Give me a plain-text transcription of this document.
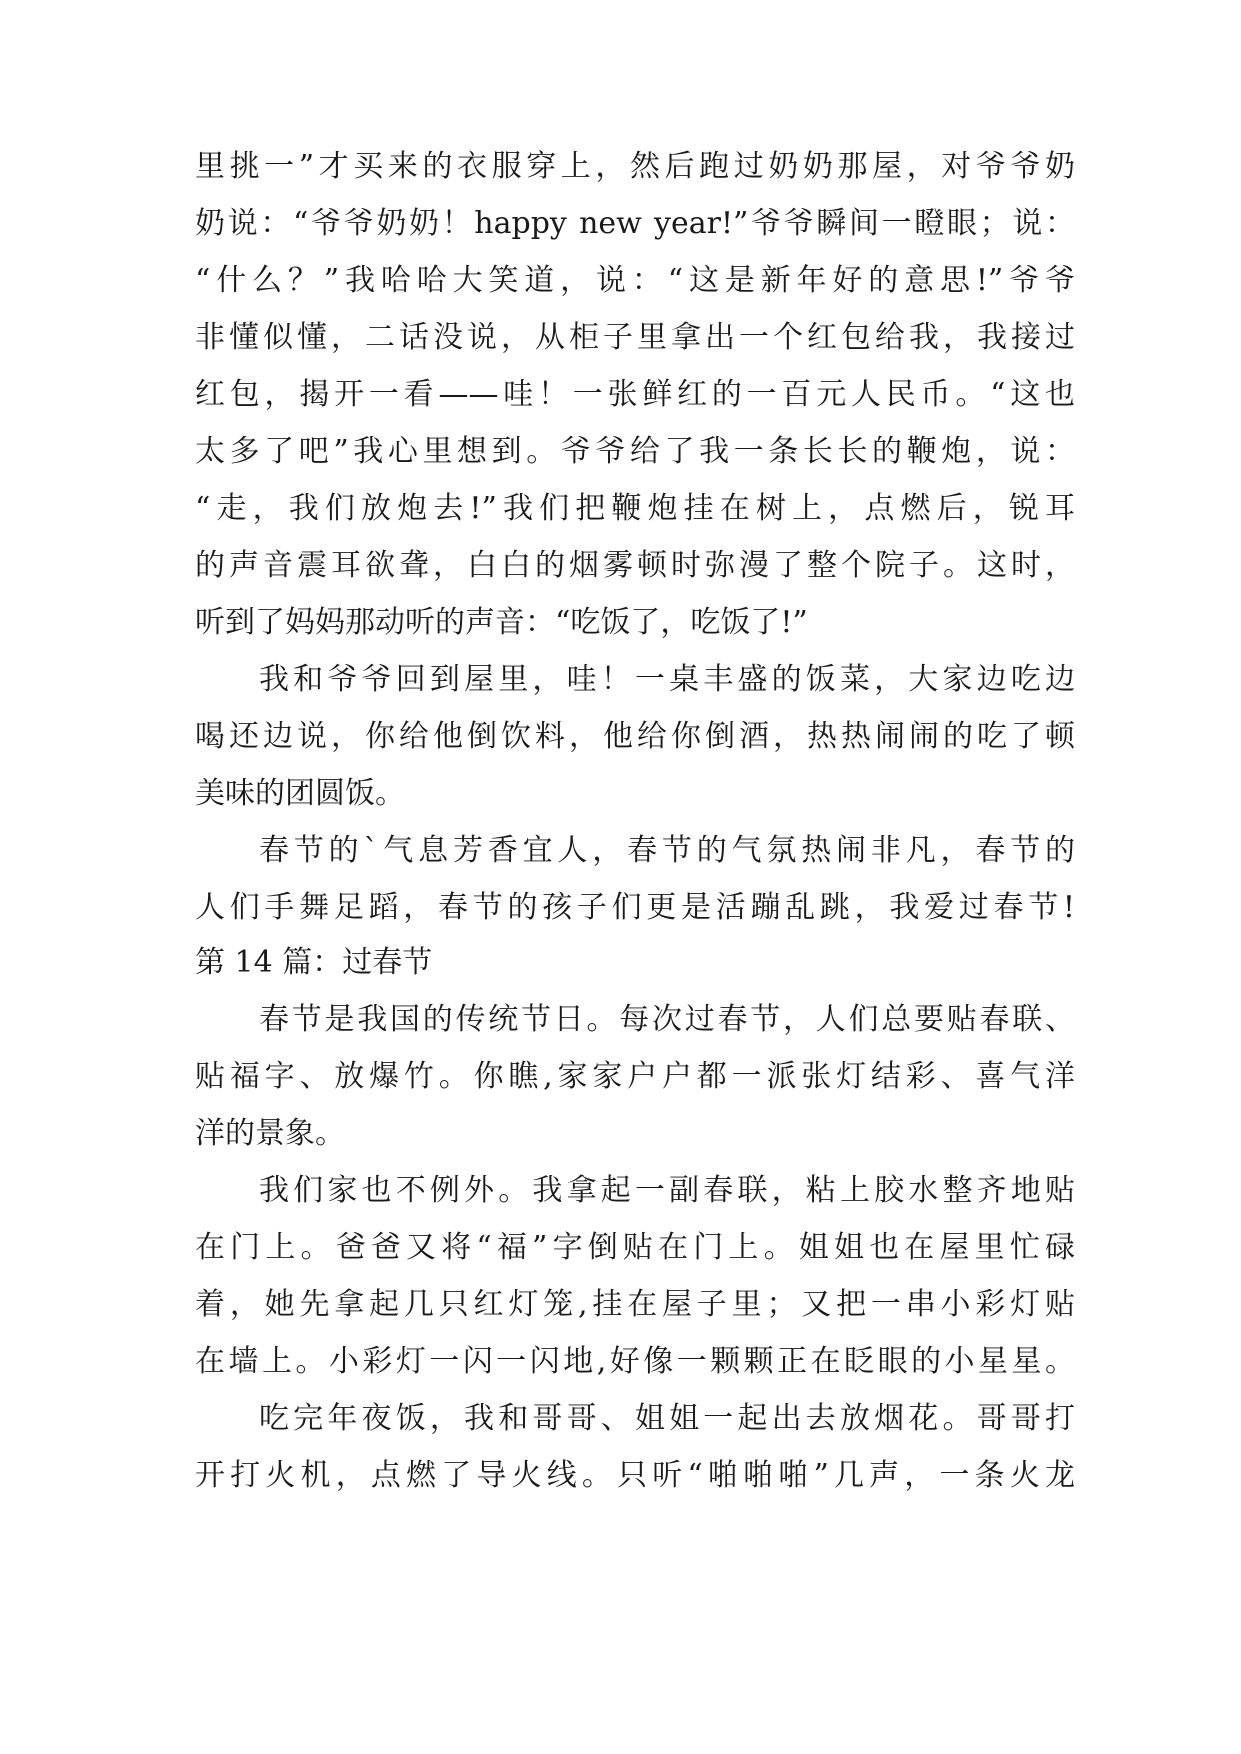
里挑一”才买来的衣服穿上，然后跑过奶奶那屋，对爷爷奶
奶说：“爷爷奶奶！happy new year!”爷爷瞬间一瞪眼；说：
“什么？”我哈哈大笑道，说：“这是新年好的意思!”爷爷
非懂似懂，二话没说，从柜子里拿出一个红包给我，我接过
红包，揭开一看——哇！一张鲜红的一百元人民币。“这也
太多了吧”我心里想到。爷爷给了我一条长长的鞭炮，说：
“走，我们放炮去!”我们把鞭炮挂在树上，点燃后，锐耳
的声音震耳欲聋，白白的烟雾顿时弥漫了整个院子。这时，
听到了妈妈那动听的声音：“吃饭了，吃饭了!”
我和爷爷回到屋里，哇！一桌丰盛的饭菜，大家边吃边
喝还边说，你给他倒饮料，他给你倒酒，热热闹闹的吃了顿
美味的团圆饭。
春节的`气息芳香宜人，春节的气氛热闹非凡，春节的
人们手舞足蹈，春节的孩子们更是活蹦乱跳，我爱过春节!
第 14 篇：过春节
春节是我国的传统节日。每次过春节，人们总要贴春联、
贴福字、放爆竹。你瞧,家家户户都一派张灯结彩、喜气洋
洋的景象。
我们家也不例外。我拿起一副春联，粘上胶水整齐地贴
在门上。爸爸又将“福”字倒贴在门上。姐姐也在屋里忙碌
着，她先拿起几只红灯笼,挂在屋子里；又把一串小彩灯贴
在墙上。小彩灯一闪一闪地,好像一颗颗正在眨眼的小星星。
吃完年夜饭，我和哥哥、姐姐一起出去放烟花。哥哥打
开打火机，点燃了导火线。只听“啪啪啪”几声，一条火龙
